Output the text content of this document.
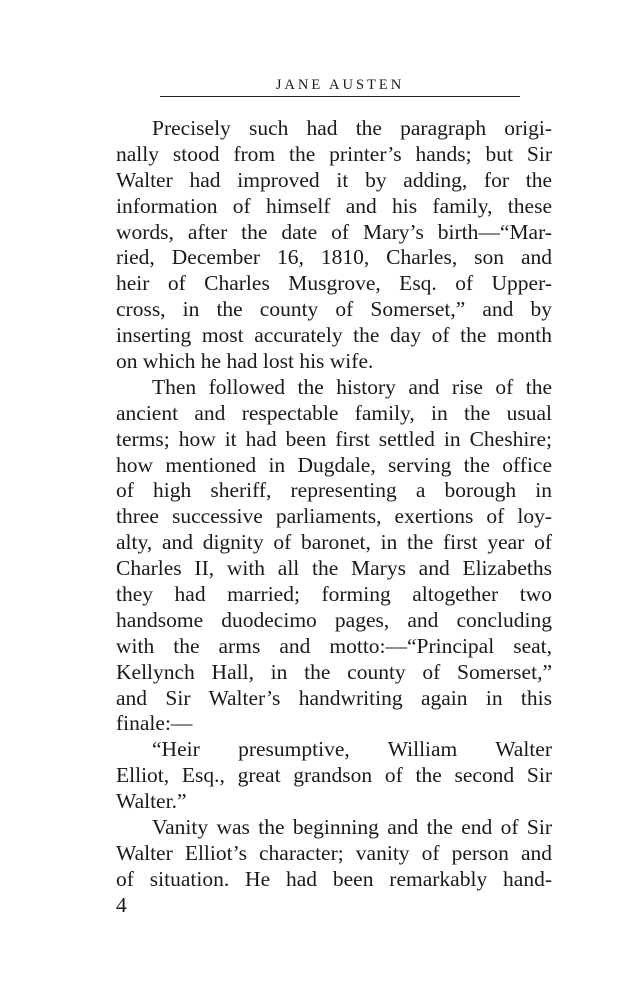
JANE AUSTEN
Precisely such had the paragraph origi-
nally stood from the printer’s hands; but Sir
Walter had improved it by adding, for the
information of himself and his family, these
words, after the date of Mary’s birth—“Mar-
ried, December 16, 1810, Charles, son and
heir of Charles Musgrove, Esq. of Upper-
cross, in the county of Somerset,” and by
inserting most accurately the day of the month
on which he had lost his wife.
Then followed the history and rise of the
ancient and respectable family, in the usual
terms; how it had been first settled in Cheshire;
how mentioned in Dugdale, serving the office
of high sheriff, representing a borough in
three successive parliaments, exertions of loy-
alty, and dignity of baronet, in the first year of
Charles II, with all the Marys and Elizabeths
they had married; forming altogether two
handsome duodecimo pages, and concluding
with the arms and motto:—“Principal seat,
Kellynch Hall, in the county of Somerset,”
and Sir Walter’s handwriting again in this
finale:—
“Heir presumptive, William Walter
Elliot, Esq., great grandson of the second Sir
Walter.”
Vanity was the beginning and the end of Sir
Walter Elliot’s character; vanity of person and
of situation. He had been remarkably hand-
4
